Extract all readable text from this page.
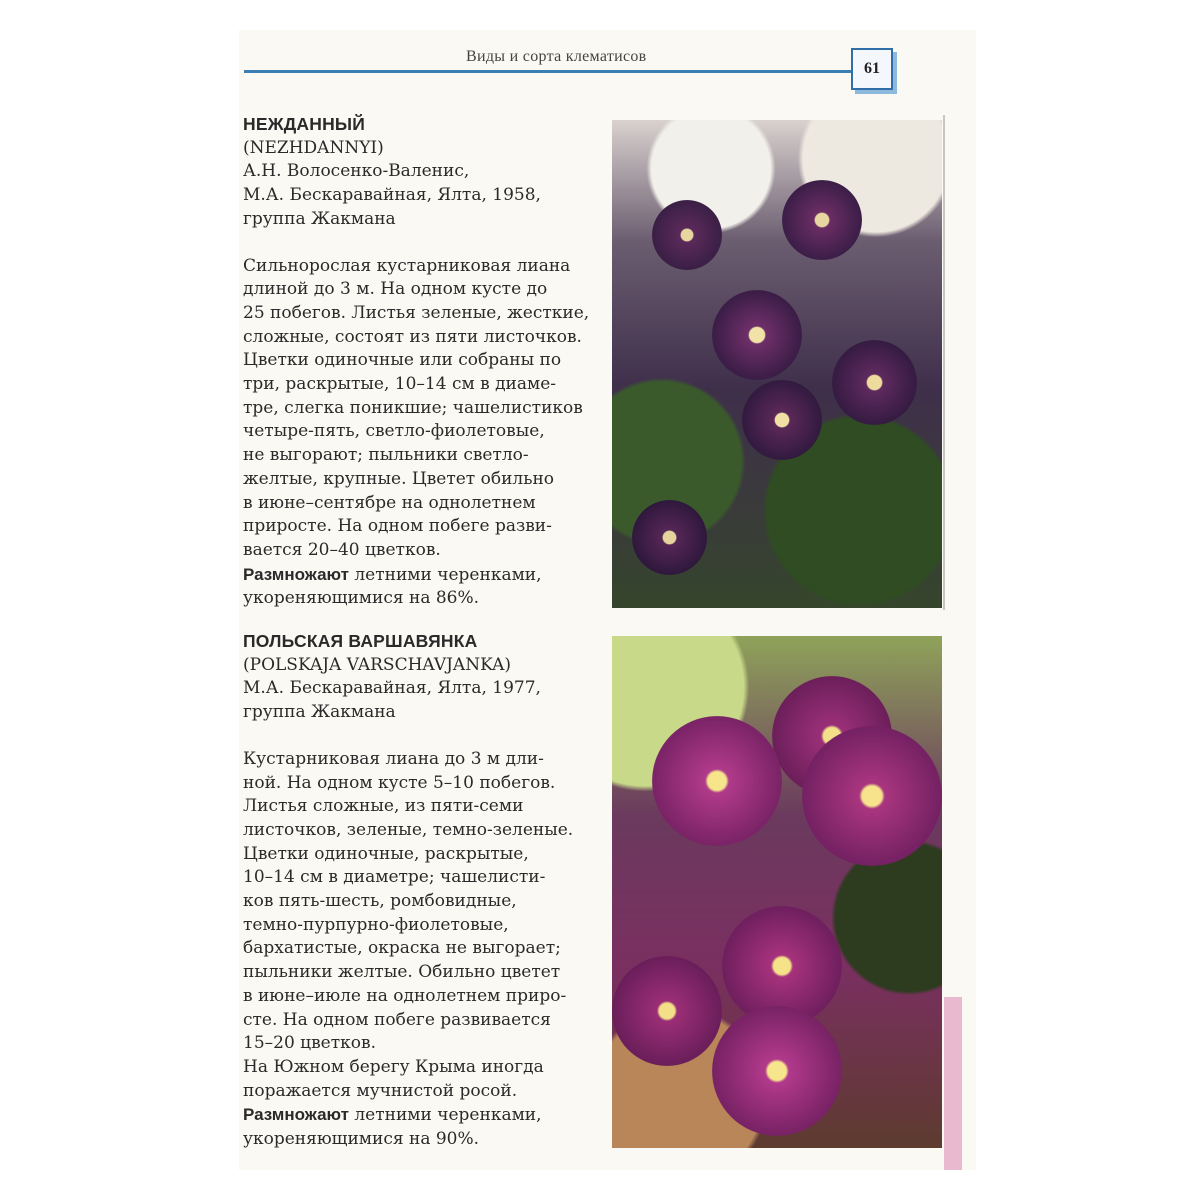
Виды и сорта клематисов
61

НЕЖДАННЫЙ

(NEZHDANNYI)

А.Н. Волосенко-Валенис,

М.А. Бескаравайная, Ялта, 1958,

группа Жакмана

Сильнорослая кустарниковая лиана

длиной до 3 м. На одном кусте до

25 побегов. Листья зеленые, жесткие,

сложные, состоят из пяти листочков.

Цветки одиночные или собраны по

три, раскрытые, 10–14 см в диаме-

тре, слегка поникшие; чашелистиков

четыре-пять, светло-фиолетовые,

не выгорают; пыльники светло-

желтые, крупные. Цветет обильно

в июне–сентябре на однолетнем

приросте. На одном побеге разви-

вается 20–40 цветков.

Размножают летними черенками,

укореняющимися на 86%.

ПОЛЬСКАЯ ВАРШАВЯНКА

(POLSKAJA VARSCHAVJANKA)

М.А. Бескаравайная, Ялта, 1977,

группа Жакмана

Кустарниковая лиана до 3 м дли-

ной. На одном кусте 5–10 побегов.

Листья сложные, из пяти-семи

листочков, зеленые, темно-зеленые.

Цветки одиночные, раскрытые,

10–14 см в диаметре; чашелисти-

ков пять-шесть, ромбовидные,

темно-пурпурно-фиолетовые,

бархатистые, окраска не выгорает;

пыльники желтые. Обильно цветет

в июне–июле на однолетнем приро-

сте. На одном побеге развивается

15–20 цветков.

На Южном берегу Крыма иногда

поражается мучнистой росой.

Размножают летними черенками,

укореняющимися на 90%.
